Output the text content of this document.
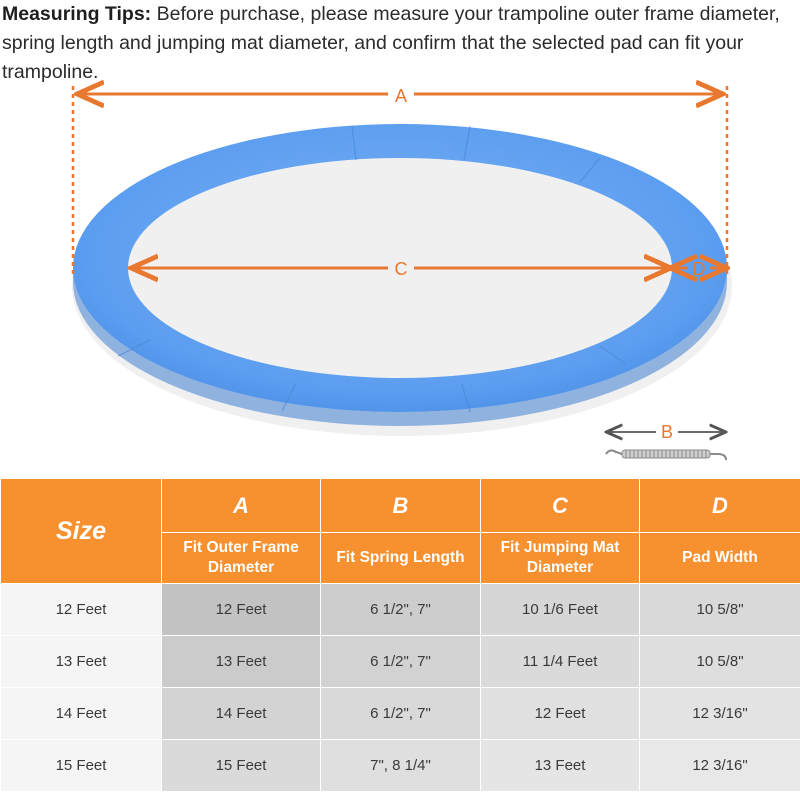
Measuring Tips: Before purchase, please measure your trampoline outer frame diameter, spring length and jumping mat diameter, and confirm that the selected pad can fit your trampoline.
A
C	D
B
Size	A	B	C	D
	Fit Outer Frame Diameter	Fit Spring Length	Fit Jumping Mat Diameter	Pad Width
12 Feet	12 Feet	6 1/2", 7"	10 1/6 Feet	10 5/8"
13 Feet	13 Feet	6 1/2", 7"	11 1/4 Feet	10 5/8"
14 Feet	14 Feet	6 1/2", 7"	12 Feet	12 3/16"
15 Feet	15 Feet	7", 8 1/4"	13 Feet	12 3/16"
